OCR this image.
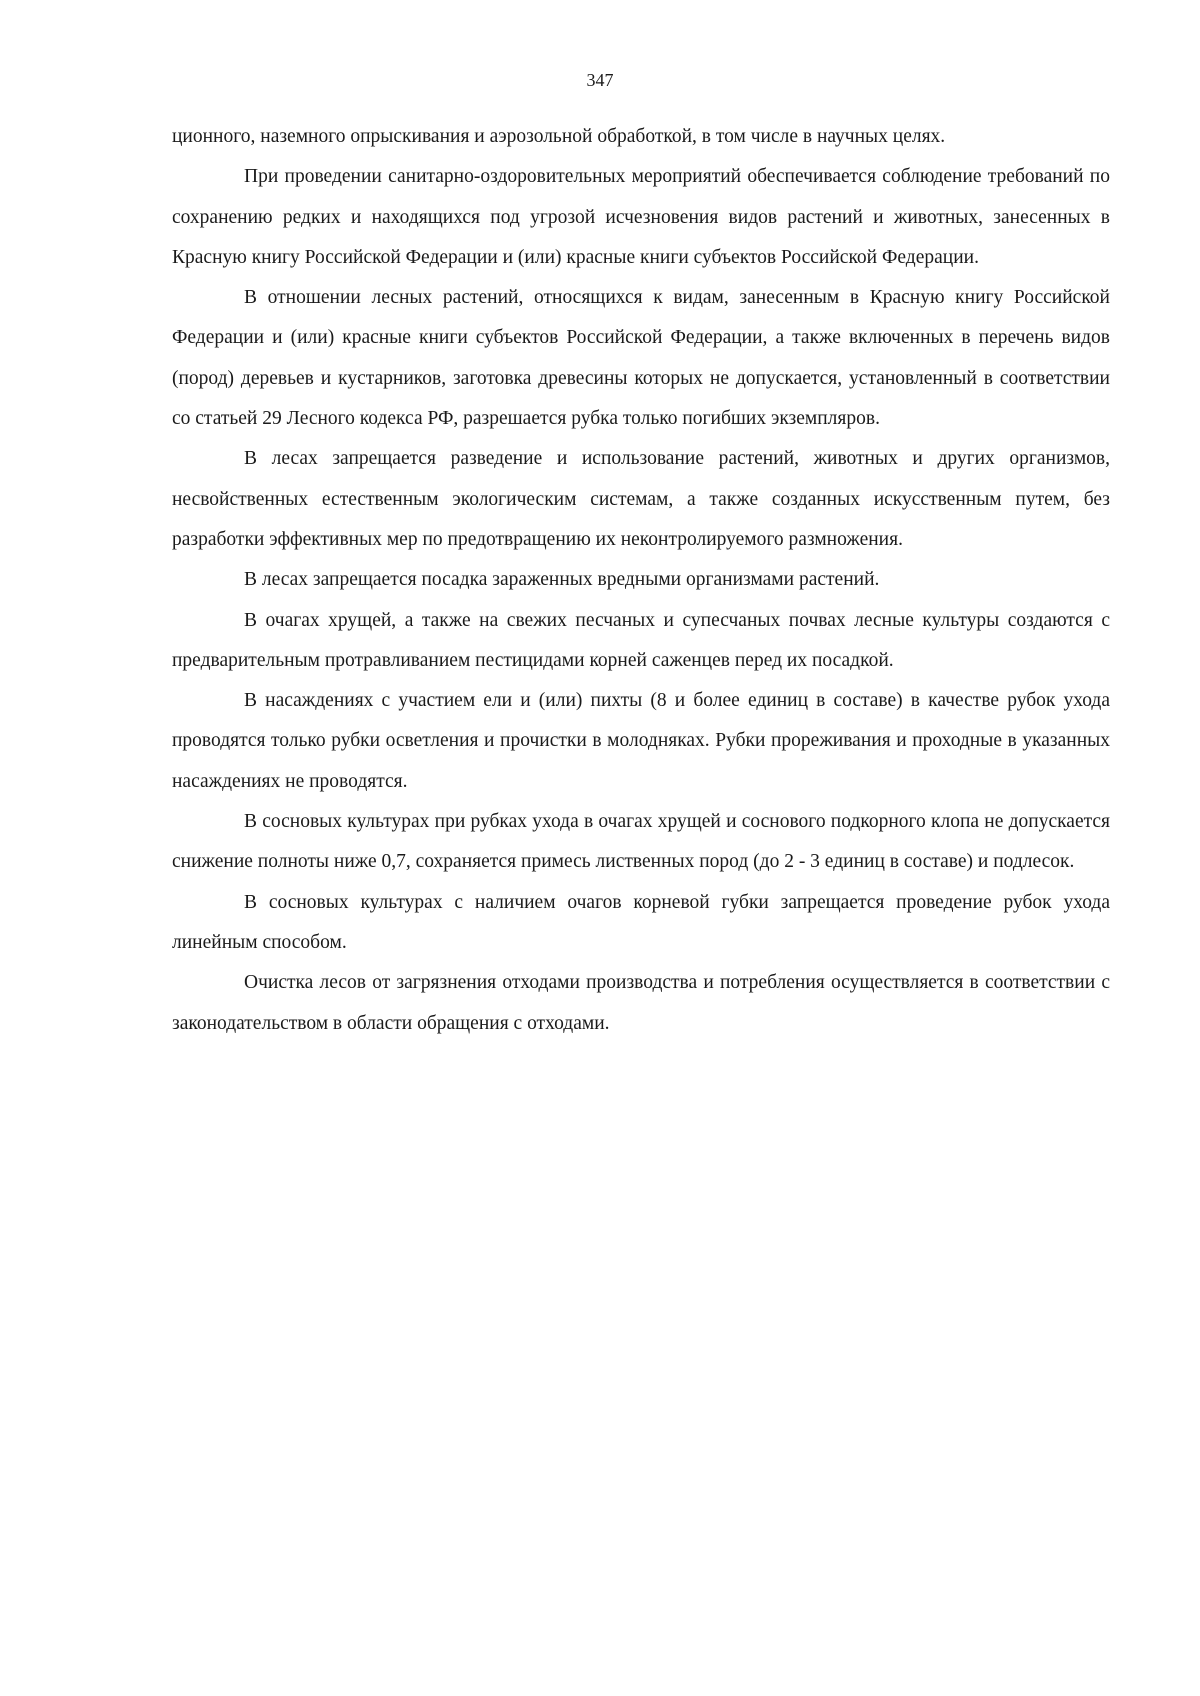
347

ционного, наземного опрыскивания и аэрозольной обработкой, в том числе в научных целях.

При проведении санитарно-оздоровительных мероприятий обеспечивается соблюдение требований по сохранению редких и находящихся под угрозой исчезновения видов растений и животных, занесенных в Красную книгу Российской Федерации и (или) красные книги субъектов Российской Федерации.

В отношении лесных растений, относящихся к видам, занесенным в Красную книгу Российской Федерации и (или) красные книги субъектов Российской Федерации, а также включенных в перечень видов (пород) деревьев и кустарников, заготовка древесины которых не допускается, установленный в соответствии со статьей 29 Лесного кодекса РФ, разрешается рубка только погибших экземпляров.

В лесах запрещается разведение и использование растений, животных и других организмов, несвойственных естественным экологическим системам, а также созданных искусственным путем, без разработки эффективных мер по предотвращению их неконтролируемого размножения.

В лесах запрещается посадка зараженных вредными организмами растений.

В очагах хрущей, а также на свежих песчаных и супесчаных почвах лесные культуры создаются с предварительным протравливанием пестицидами корней саженцев перед их посадкой.

В насаждениях с участием ели и (или) пихты (8 и более единиц в составе) в качестве рубок ухода проводятся только рубки осветления и прочистки в молодняках. Рубки прореживания и проходные в указанных насаждениях не проводятся.

В сосновых культурах при рубках ухода в очагах хрущей и соснового подкорного клопа не допускается снижение полноты ниже 0,7, сохраняется примесь лиственных пород (до 2 - 3 единиц в составе) и подлесок.

В сосновых культурах с наличием очагов корневой губки запрещается проведение рубок ухода линейным способом.

Очистка лесов от загрязнения отходами производства и потребления осуществляется в соответствии с законодательством в области обращения с отходами.
